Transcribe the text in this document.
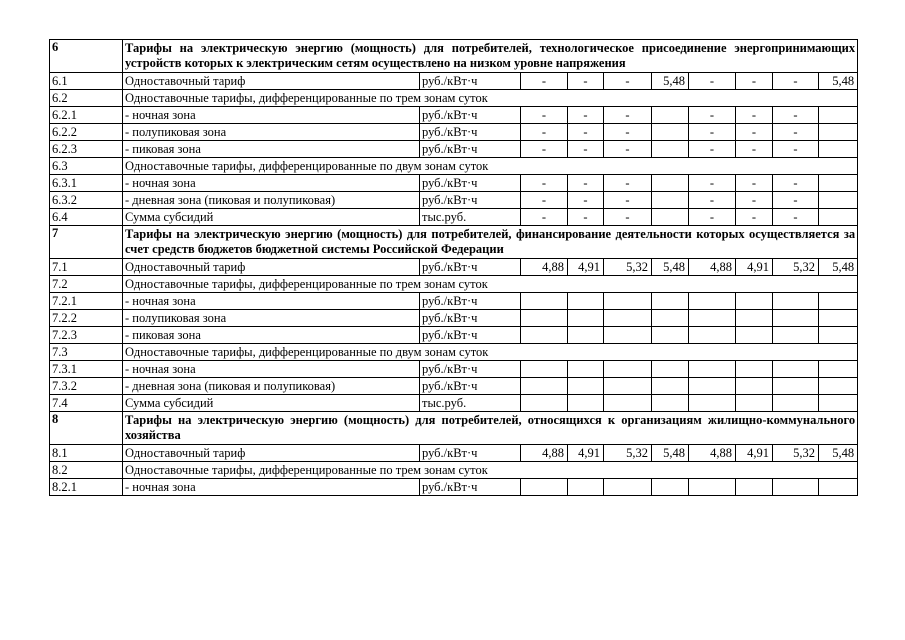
6	Тарифы на электрическую энергию (мощность) для потребителей, технологическое присоединение энергопринимающих устройств которых к электрическим сетям осуществлено на низком уровне напряжения									
6.1	Одноставочный тариф	руб./кВт·ч	-	-	-	5,48	-	-	-	5,48
6.2	Одноставочные тарифы, дифференцированные по трем зонам суток									
6.2.1	- ночная зона	руб./кВт·ч	-	-	-		-	-	-	
6.2.2	- полупиковая зона	руб./кВт·ч	-	-	-		-	-	-	
6.2.3	- пиковая зона	руб./кВт·ч	-	-	-		-	-	-	
6.3	Одноставочные тарифы, дифференцированные по двум зонам суток									
6.3.1	- ночная зона	руб./кВт·ч	-	-	-		-	-	-	
6.3.2	- дневная зона (пиковая и полупиковая)	руб./кВт·ч	-	-	-		-	-	-	
6.4	Сумма субсидий	тыс.руб.	-	-	-		-	-	-	
7	Тарифы на электрическую энергию (мощность) для потребителей, финансирование деятельности которых осуществляется за счет средств бюджетов бюджетной системы Российской Федерации									
7.1	Одноставочный тариф	руб./кВт·ч	4,88	4,91	5,32	5,48	4,88	4,91	5,32	5,48
7.2	Одноставочные тарифы, дифференцированные по трем зонам суток									
7.2.1	- ночная зона	руб./кВт·ч								
7.2.2	- полупиковая зона	руб./кВт·ч								
7.2.3	- пиковая зона	руб./кВт·ч								
7.3	Одноставочные тарифы, дифференцированные по двум зонам суток									
7.3.1	- ночная зона	руб./кВт·ч								
7.3.2	- дневная зона (пиковая и полупиковая)	руб./кВт·ч								
7.4	Сумма субсидий	тыс.руб.								
8	Тарифы на электрическую энергию (мощность) для потребителей, относящихся к организациям жилищно-коммунального хозяйства									
8.1	Одноставочный тариф	руб./кВт·ч	4,88	4,91	5,32	5,48	4,88	4,91	5,32	5,48
8.2	Одноставочные тарифы, дифференцированные по трем зонам суток									
8.2.1	- ночная зона	руб./кВт·ч								
